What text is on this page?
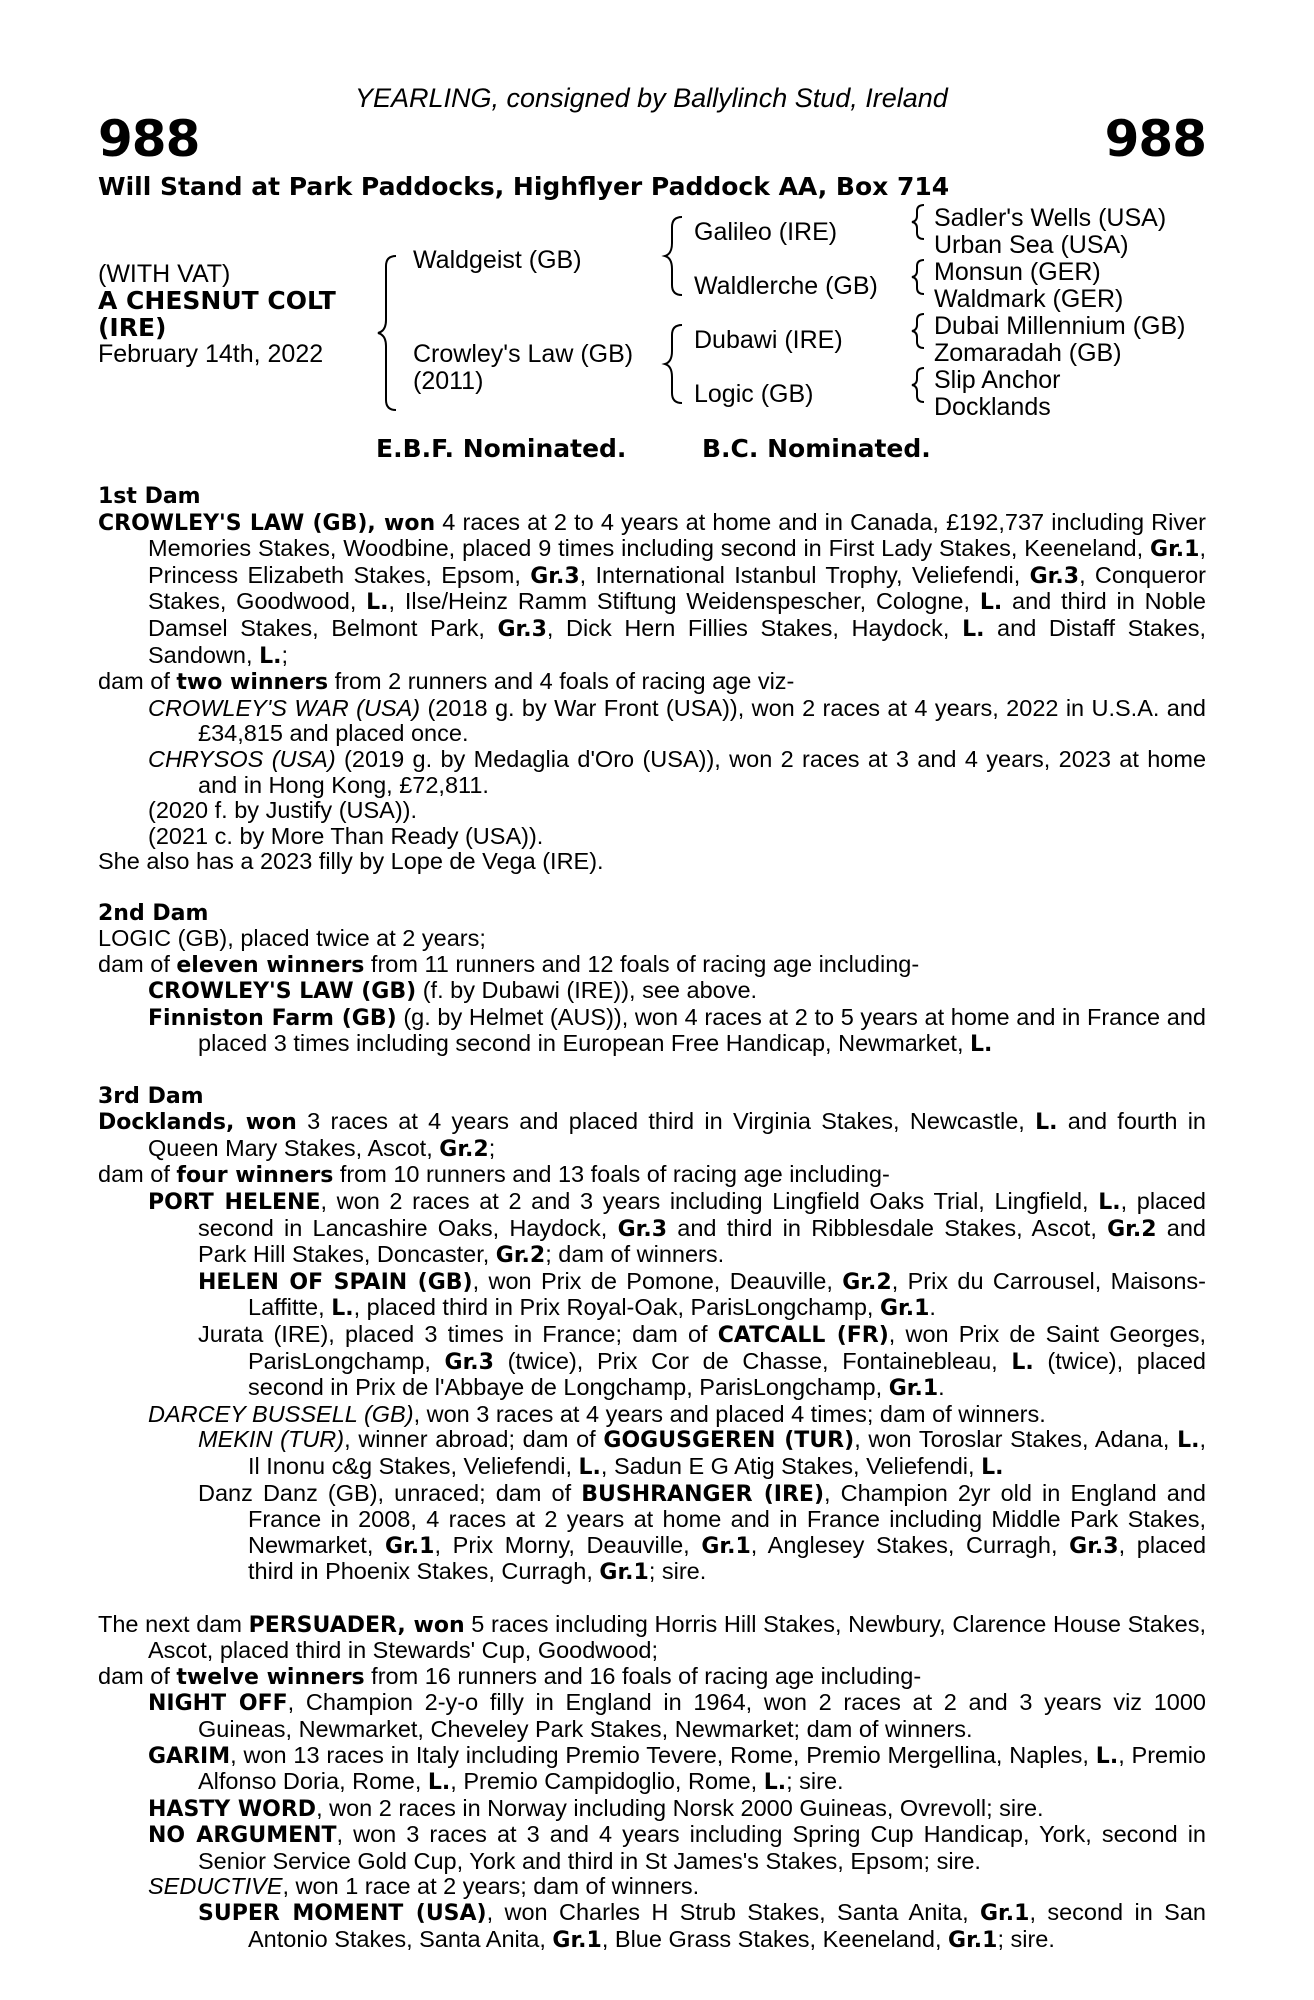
YEARLING, consigned by Ballylinch Stud, Ireland
988	988
Will Stand at Park Paddocks, Highflyer Paddock AA, Box 714
(WITH VAT)
A CHESNUT COLT
(IRE)
February 14th, 2022
Waldgeist (GB)
Crowley's Law (GB)
(2011)
Galileo (IRE)
Waldlerche (GB)
Dubawi (IRE)
Logic (GB)
Sadler's Wells (USA)
Urban Sea (USA)
Monsun (GER)
Waldmark (GER)
Dubai Millennium (GB)
Zomaradah (GB)
Slip Anchor
Docklands
E.B.F. Nominated.	B.C. Nominated.
1st Dam
CROWLEY'S LAW (GB), won 4 races at 2 to 4 years at home and in Canada, £192,737 including River Memories Stakes, Woodbine, placed 9 times including second in First Lady Stakes, Keeneland, Gr.1, Princess Elizabeth Stakes, Epsom, Gr.3, International Istanbul Trophy, Veliefendi, Gr.3, Conqueror Stakes, Goodwood, L., Ilse/Heinz Ramm Stiftung Weidenspescher, Cologne, L. and third in Noble Damsel Stakes, Belmont Park, Gr.3, Dick Hern Fillies Stakes, Haydock, L. and Distaff Stakes, Sandown, L.;
dam of two winners from 2 runners and 4 foals of racing age viz-
CROWLEY'S WAR (USA) (2018 g. by War Front (USA)), won 2 races at 4 years, 2022 in U.S.A. and £34,815 and placed once.
CHRYSOS (USA) (2019 g. by Medaglia d'Oro (USA)), won 2 races at 3 and 4 years, 2023 at home and in Hong Kong, £72,811.
(2020 f. by Justify (USA)).
(2021 c. by More Than Ready (USA)).
She also has a 2023 filly by Lope de Vega (IRE).
2nd Dam
LOGIC (GB), placed twice at 2 years;
dam of eleven winners from 11 runners and 12 foals of racing age including-
CROWLEY'S LAW (GB) (f. by Dubawi (IRE)), see above.
Finniston Farm (GB) (g. by Helmet (AUS)), won 4 races at 2 to 5 years at home and in France and placed 3 times including second in European Free Handicap, Newmarket, L.
3rd Dam
Docklands, won 3 races at 4 years and placed third in Virginia Stakes, Newcastle, L. and fourth in Queen Mary Stakes, Ascot, Gr.2;
dam of four winners from 10 runners and 13 foals of racing age including-
PORT HELENE, won 2 races at 2 and 3 years including Lingfield Oaks Trial, Lingfield, L., placed second in Lancashire Oaks, Haydock, Gr.3 and third in Ribblesdale Stakes, Ascot, Gr.2 and Park Hill Stakes, Doncaster, Gr.2; dam of winners.
HELEN OF SPAIN (GB), won Prix de Pomone, Deauville, Gr.2, Prix du Carrousel, Maisons-Laffitte, L., placed third in Prix Royal-Oak, ParisLongchamp, Gr.1.
Jurata (IRE), placed 3 times in France; dam of CATCALL (FR), won Prix de Saint Georges, ParisLongchamp, Gr.3 (twice), Prix Cor de Chasse, Fontainebleau, L. (twice), placed second in Prix de l'Abbaye de Longchamp, ParisLongchamp, Gr.1.
DARCEY BUSSELL (GB), won 3 races at 4 years and placed 4 times; dam of winners.
MEKIN (TUR), winner abroad; dam of GOGUSGEREN (TUR), won Toroslar Stakes, Adana, L., Il Inonu c&g Stakes, Veliefendi, L., Sadun E G Atig Stakes, Veliefendi, L.
Danz Danz (GB), unraced; dam of BUSHRANGER (IRE), Champion 2yr old in England and France in 2008, 4 races at 2 years at home and in France including Middle Park Stakes, Newmarket, Gr.1, Prix Morny, Deauville, Gr.1, Anglesey Stakes, Curragh, Gr.3, placed third in Phoenix Stakes, Curragh, Gr.1; sire.
The next dam PERSUADER, won 5 races including Horris Hill Stakes, Newbury, Clarence House Stakes, Ascot, placed third in Stewards' Cup, Goodwood;
dam of twelve winners from 16 runners and 16 foals of racing age including-
NIGHT OFF, Champion 2-y-o filly in England in 1964, won 2 races at 2 and 3 years viz 1000 Guineas, Newmarket, Cheveley Park Stakes, Newmarket; dam of winners.
GARIM, won 13 races in Italy including Premio Tevere, Rome, Premio Mergellina, Naples, L., Premio Alfonso Doria, Rome, L., Premio Campidoglio, Rome, L.; sire.
HASTY WORD, won 2 races in Norway including Norsk 2000 Guineas, Ovrevoll; sire.
NO ARGUMENT, won 3 races at 3 and 4 years including Spring Cup Handicap, York, second in Senior Service Gold Cup, York and third in St James's Stakes, Epsom; sire.
SEDUCTIVE, won 1 race at 2 years; dam of winners.
SUPER MOMENT (USA), won Charles H Strub Stakes, Santa Anita, Gr.1, second in San Antonio Stakes, Santa Anita, Gr.1, Blue Grass Stakes, Keeneland, Gr.1; sire.
